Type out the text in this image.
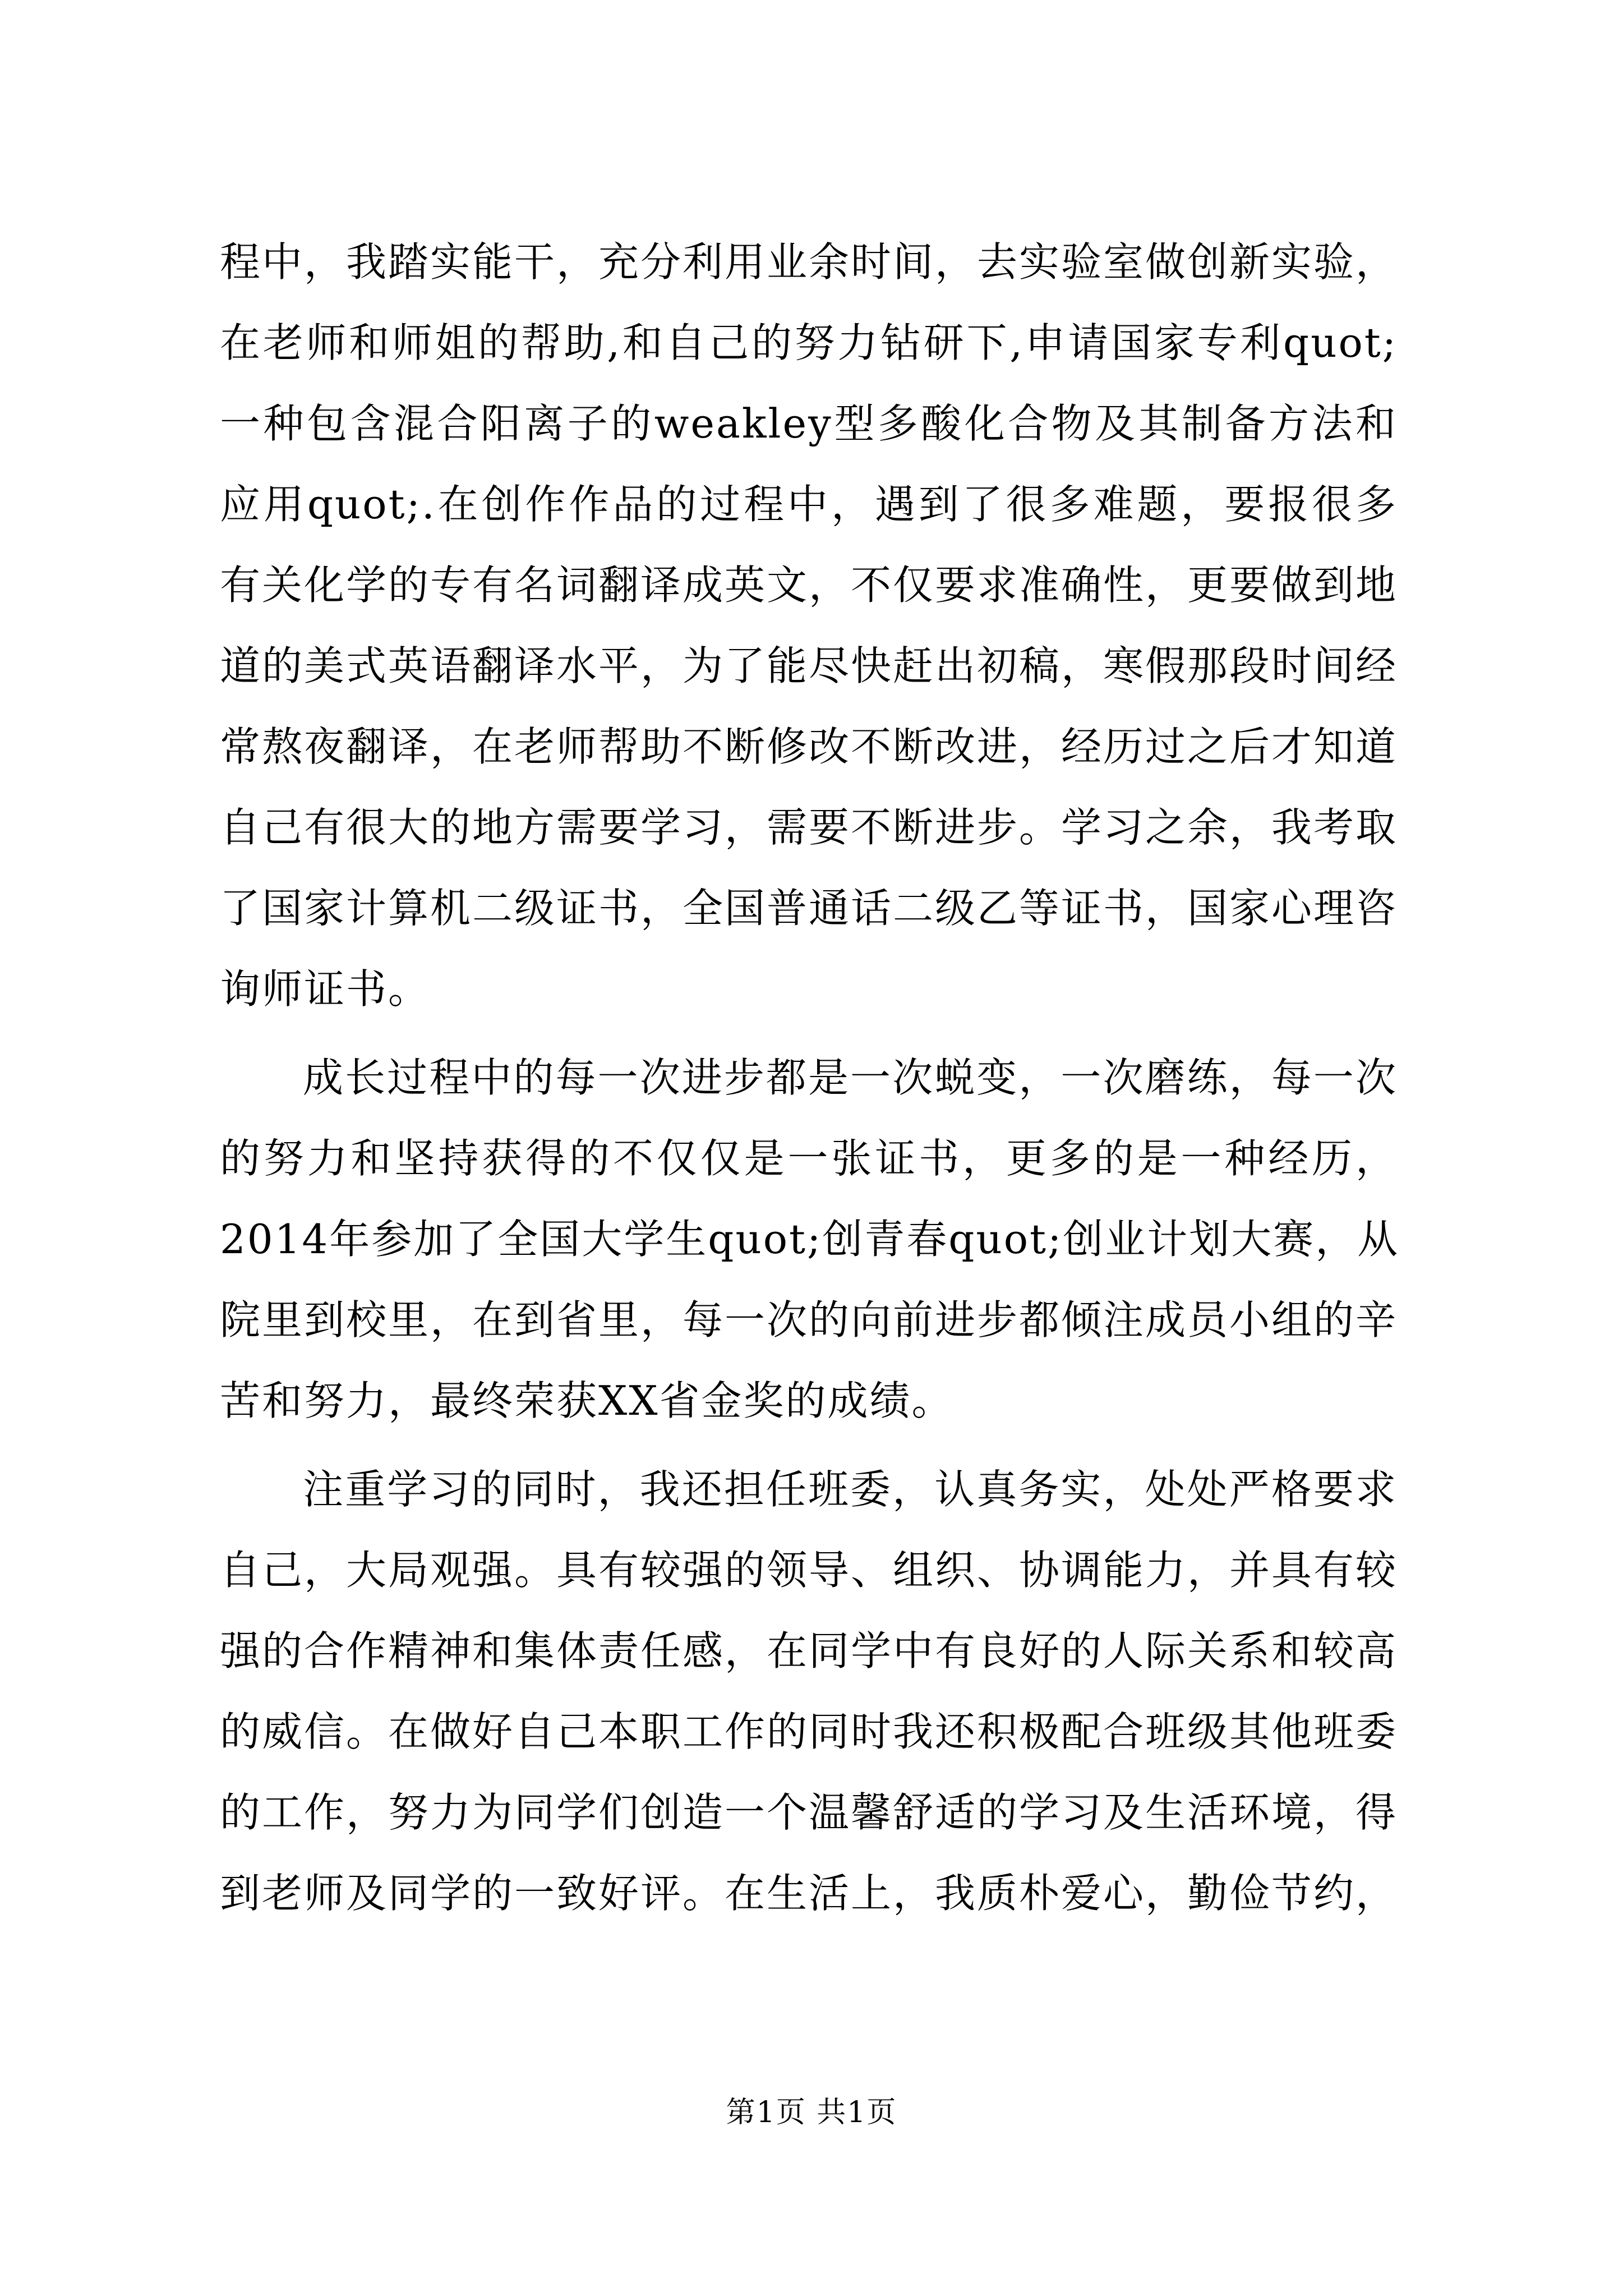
程中，我踏实能干，充分利用业余时间，去实验室做创新实验，
在老师和师姐的帮助,和自己的努力钻研下,申请国家专利quot;
一种包含混合阳离子的weakley型多酸化合物及其制备方法和
应用quot;.在创作作品的过程中，遇到了很多难题，要报很多
有关化学的专有名词翻译成英文，不仅要求准确性，更要做到地
道的美式英语翻译水平，为了能尽快赶出初稿，寒假那段时间经
常熬夜翻译，在老师帮助不断修改不断改进，经历过之后才知道
自己有很大的地方需要学习，需要不断进步。学习之余，我考取
了国家计算机二级证书，全国普通话二级乙等证书，国家心理咨
询师证书。
成长过程中的每一次进步都是一次蜕变，一次磨练，每一次
的努力和坚持获得的不仅仅是一张证书，更多的是一种经历，
2014年参加了全国大学生quot;创青春quot;创业计划大赛，从
院里到校里，在到省里，每一次的向前进步都倾注成员小组的辛
苦和努力，最终荣获XX省金奖的成绩。
注重学习的同时，我还担任班委，认真务实，处处严格要求
自己，大局观强。具有较强的领导、组织、协调能力，并具有较
强的合作精神和集体责任感，在同学中有良好的人际关系和较高
的威信。在做好自己本职工作的同时我还积极配合班级其他班委
的工作，努力为同学们创造一个温馨舒适的学习及生活环境，得
到老师及同学的一致好评。在生活上，我质朴爱心，勤俭节约，
第1页 共1页
